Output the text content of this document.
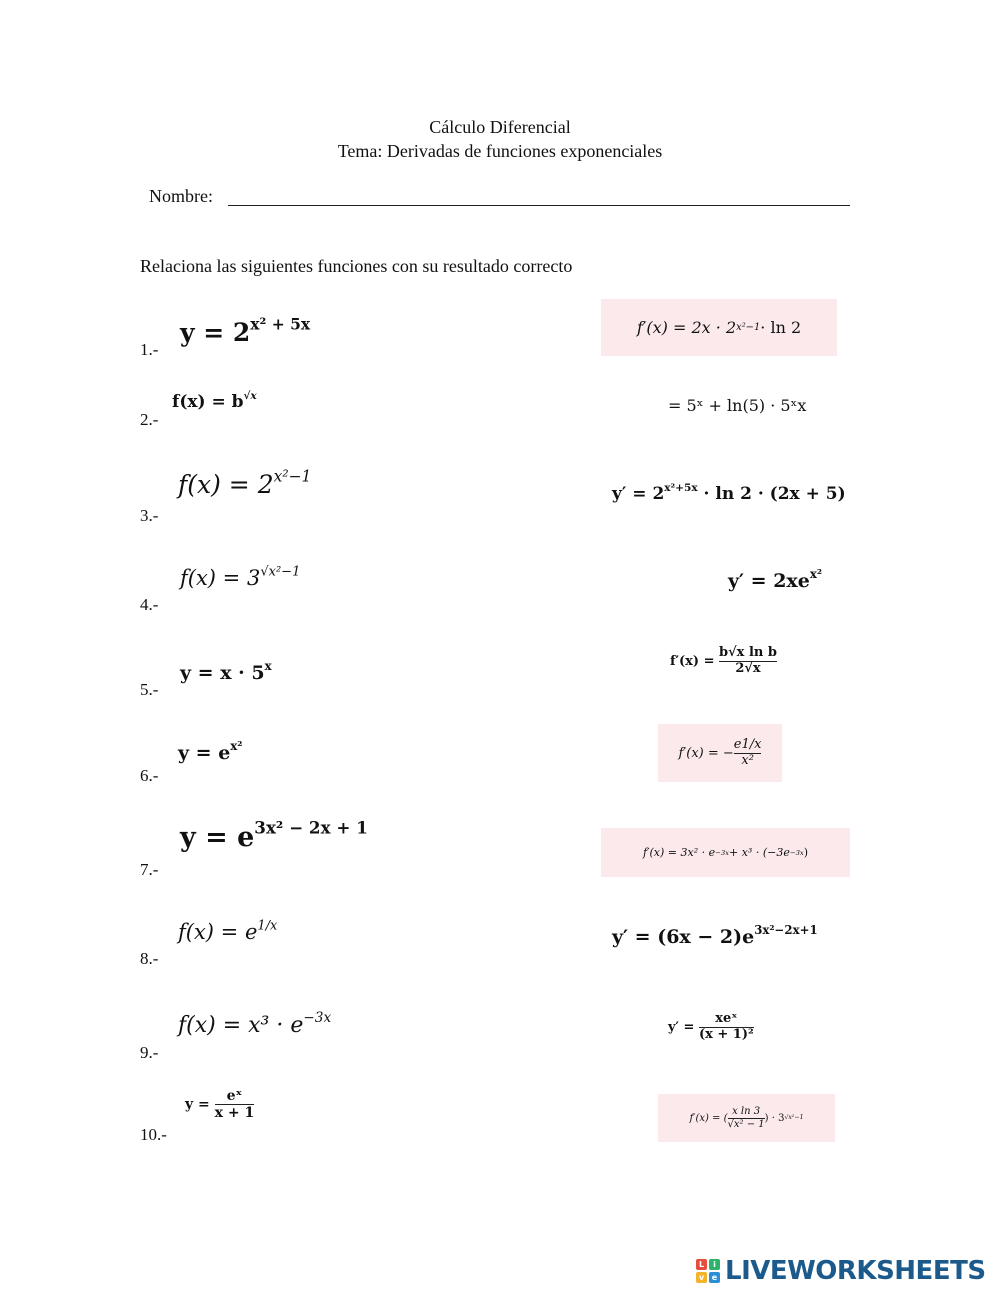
Cálculo Diferencial
Tema: Derivadas de funciones exponenciales
Nombre:
Relaciona las siguientes funciones con su resultado correcto
1.-
2.-
3.-
4.-
5.-
6.-
7.-
8.-
9.-
10.-
$y = 2^{x^2 + 5x}$
$f(x) = b^{√x}$
$f(x) = 2^{x^2-1}$
$f(x) = 3^{√x^2-1}$
$y = x \cdot 5^x$
$y = e^{x^2}$
$y = e^{3x^2 - 2x + 1}$
$f(x) = e^{1/x}$
$f(x) = x^3 \cdot e^{-3x}$
$y = \frac{\text{eˣ}}{x + 1}$
f′(x) = 2x · 2 x²−1 · ln 2
= 5ˣ + ln(5) · 5ˣx
$y' = 2^{x^2+5x} \cdot \ln 2 \cdot (2x + 5)$
$y' = 2xe^{x^2}$
$f'(x) = \frac{\text{b√x ln b}}{2√x}$
f′(x) = − $\frac{e1/x}{\text{x²}}$
f′(x) = 3x² · e −3x + x³ · (−3e −3x )
$y' = (6x - 2)e^{3x^2-2x+1}$
$y' = \frac{\text{xeˣ}}{\text{(x + 1)²}}$
f′(x) = ( $\frac{\text{x ln 3}}{\text{√x² − 1}}$ ) · 3 √x²−1
L	i
v e LIVEWORKSHEETS
